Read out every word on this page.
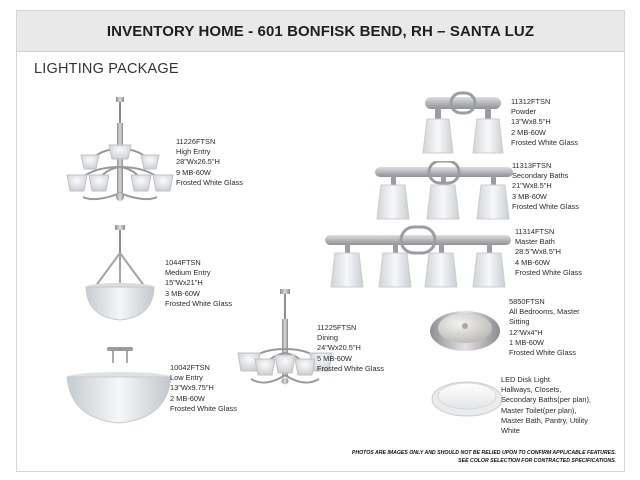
INVENTORY HOME - 601 BONFISK BEND, RH – SANTA LUZ
LIGHTING PACKAGE
11226FTSN
High Entry
28"Wx26.5"H
9 MB-60W
Frosted White Glass
1044FTSN
Medium Entry
15"Wx21"H
3 MB-60W
Frosted White Glass
10042FTSN
Low Entry
13"Wx9.75"H
2 MB-60W
Frosted White Glass
11225FTSN
Dining
24"Wx20.5"H
5 MB-60W
Frosted White Glass
11312FTSN
Powder
13"Wx8.5"H
2 MB-60W
Frosted White Glass
11313FTSN
Secondary Baths
21"Wx8.5"H
3 MB-60W
Frosted White Glass
11314FTSN
Master Bath
28.5"Wx8.5"H
4 MB-60W
Frosted White Glass
5850FTSN
All Bedrooms, Master
Sitting
12"Wx4"H
1 MB-60W
Frosted White Glass
LED Disk Light
Hallways, Closets,
Secondary Baths(per plan),
Master Toilet(per plan),
Master Bath, Pantry, Utility
White
PHOTOS ARE IMAGES ONLY AND SHOULD NOT BE RELIED UPON TO CONFIRM APPLICABLE FEATURES.
SEE COLOR SELECTION FOR CONTRACTED SPECIFICATIONS.
